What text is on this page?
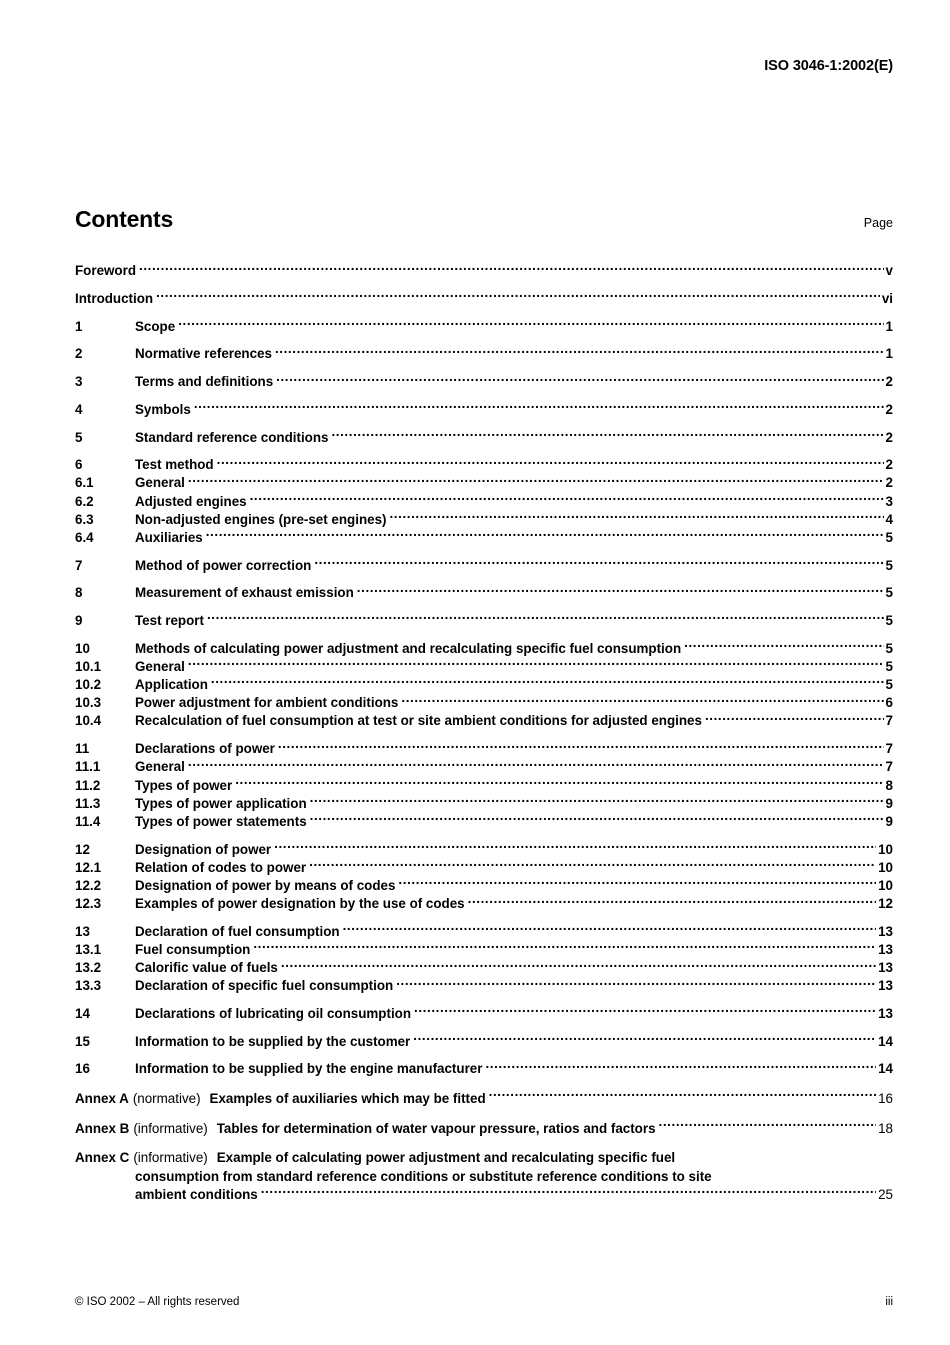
ISO 3046-1:2002(E)
Contents	Page
Foreword .....	v
Introduction .....	vi
1	Scope .....	1
2	Normative references .....	1
3	Terms and definitions .....	2
4	Symbols .....	2
5	Standard reference conditions .....	2
6	Test method .....	2
6.1	General .....	2
6.2	Adjusted engines .....	3
6.3	Non-adjusted engines (pre-set engines) .....	4
6.4	Auxiliaries .....	5
7	Method of power correction .....	5
8	Measurement of exhaust emission .....	5
9	Test report .....	5
10	Methods of calculating power adjustment and recalculating specific fuel consumption .....	5
10.1	General .....	5
10.2	Application .....	5
10.3	Power adjustment for ambient conditions .....	6
10.4	Recalculation of fuel consumption at test or site ambient conditions for adjusted engines .....	7
11	Declarations of power .....	7
11.1	General .....	7
11.2	Types of power .....	8
11.3	Types of power application .....	9
11.4	Types of power statements .....	9
12	Designation of power .....	10
12.1	Relation of codes to power .....	10
12.2	Designation of power by means of codes .....	10
12.3	Examples of power designation by the use of codes .....	12
13	Declaration of fuel consumption .....	13
13.1	Fuel consumption .....	13
13.2	Calorific value of fuels .....	13
13.3	Declaration of specific fuel consumption .....	13
14	Declarations of lubricating oil consumption .....	13
15	Information to be supplied by the customer .....	14
16	Information to be supplied by the engine manufacturer .....	14
Annex A (normative) Examples of auxiliaries which may be fitted .....	16
Annex B (informative) Tables for determination of water vapour pressure, ratios and factors .....	18
Annex C (informative) Example of calculating power adjustment and recalculating specific fuel
consumption from standard reference conditions or substitute reference conditions to site
ambient conditions .....	25
© ISO 2002 – All rights reserved	iii
